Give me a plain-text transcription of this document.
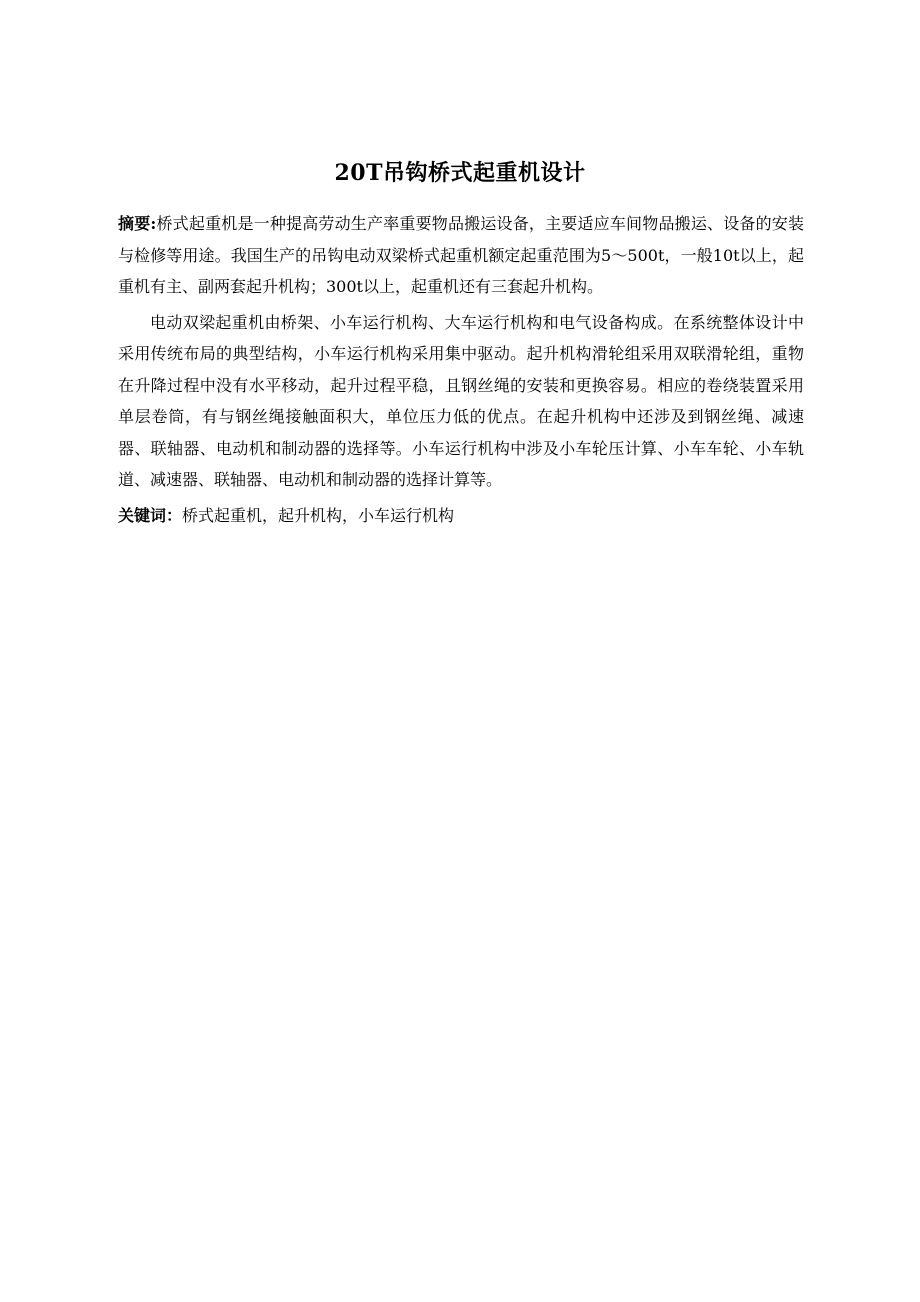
20T吊钩桥式起重机设计

摘要:桥式起重机是一种提高劳动生产率重要物品搬运设备，主要适应车间物品搬运、设备的安装与检修等用途。我国生产的吊钩电动双梁桥式起重机额定起重范围为5～500t，一般10t以上，起重机有主、副两套起升机构；300t以上，起重机还有三套起升机构。

电动双梁起重机由桥架、小车运行机构、大车运行机构和电气设备构成。在系统整体设计中采用传统布局的典型结构，小车运行机构采用集中驱动。起升机构滑轮组采用双联滑轮组，重物在升降过程中没有水平移动，起升过程平稳，且钢丝绳的安装和更换容易。相应的卷绕装置采用单层卷筒，有与钢丝绳接触面积大，单位压力低的优点。在起升机构中还涉及到钢丝绳、减速器、联轴器、电动机和制动器的选择等。小车运行机构中涉及小车轮压计算、小车车轮、小车轨道、减速器、联轴器、电动机和制动器的选择计算等。

关键词：桥式起重机，起升机构，小车运行机构
